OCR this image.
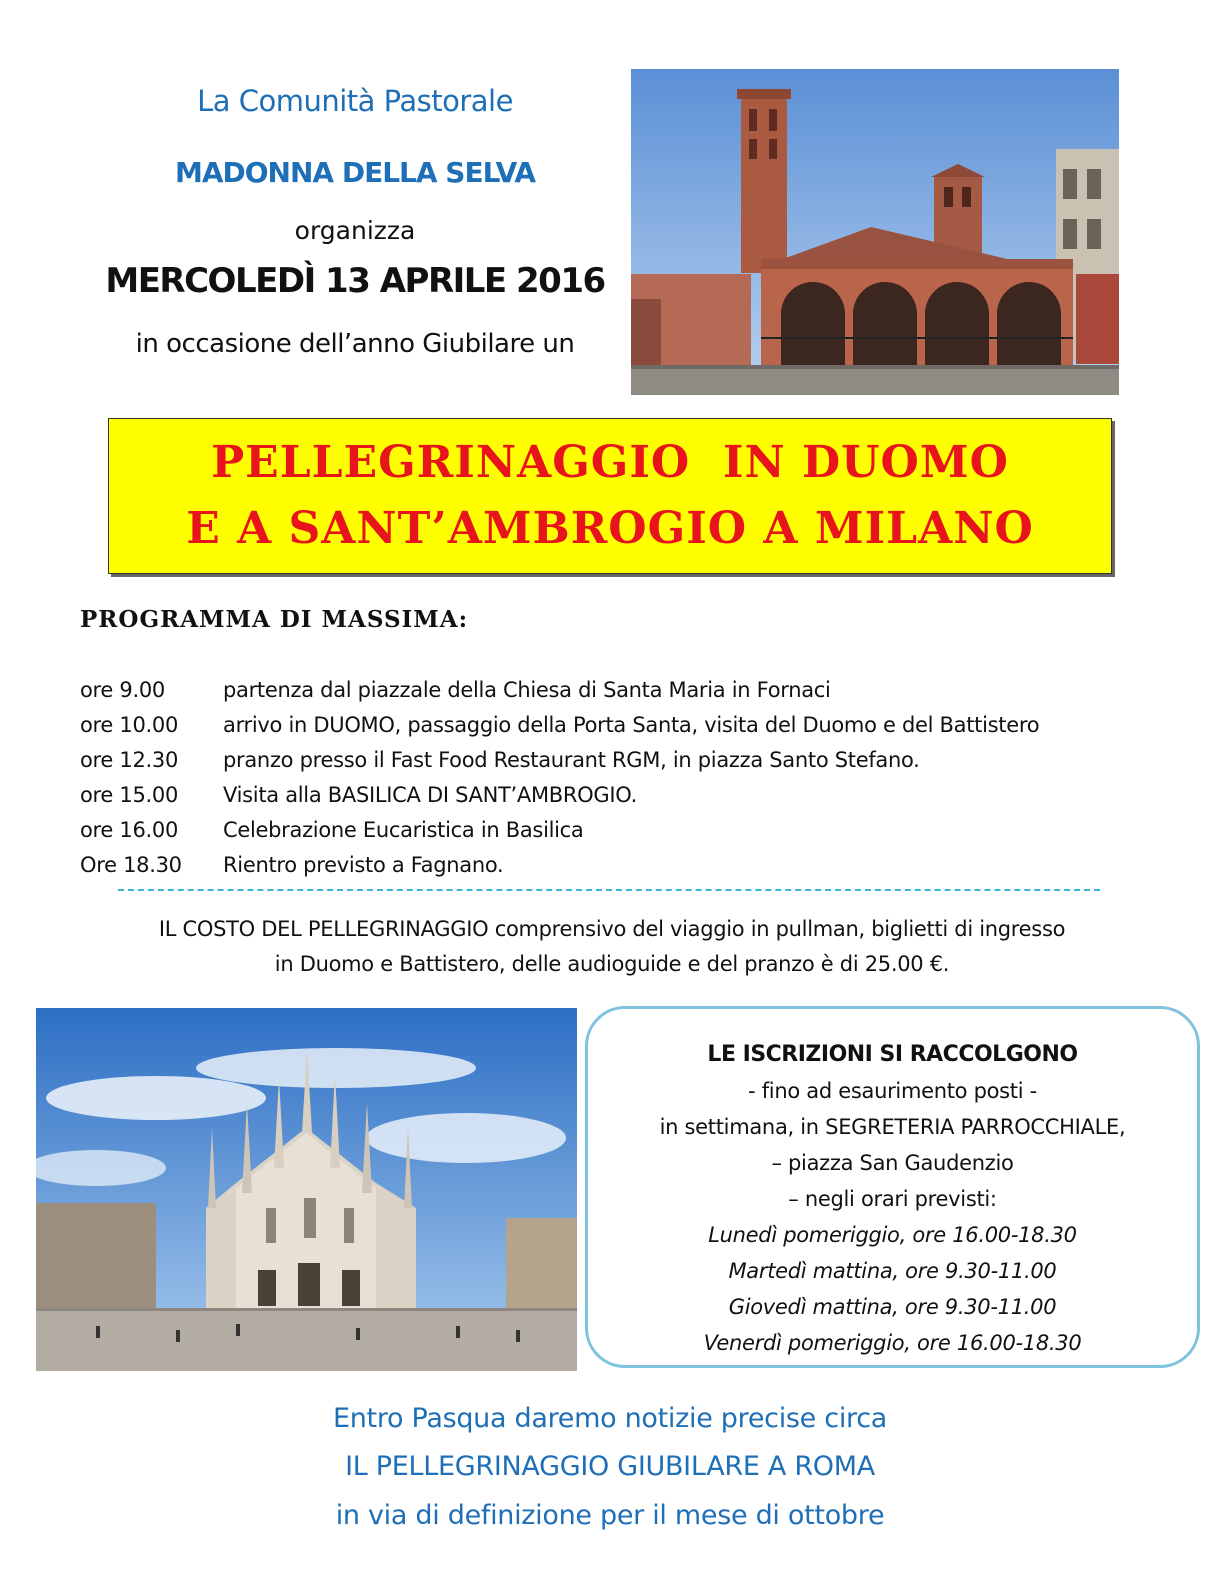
La Comunità Pastorale
MADONNA DELLA SELVA
organizza
MERCOLEDÌ 13 APRILE 2016
in occasione dell’anno Giubilare un
PELLEGRINAGGIO  IN DUOMO
E A SANT’AMBROGIO A MILANO
PROGRAMMA DI MASSIMA:
ore 9.00	partenza dal piazzale della Chiesa di Santa Maria in Fornaci
ore 10.00	arrivo in DUOMO, passaggio della Porta Santa, visita del Duomo e del Battistero
ore 12.30	pranzo presso il Fast Food Restaurant RGM, in piazza Santo Stefano.
ore 15.00	Visita alla BASILICA DI SANT’AMBROGIO.
ore 16.00	Celebrazione Eucaristica in Basilica
Ore 18.30	Rientro previsto a Fagnano.
IL COSTO DEL PELLEGRINAGGIO comprensivo del viaggio in pullman, biglietti di ingresso
in Duomo e Battistero, delle audioguide e del pranzo è di 25.00 €.
LE ISCRIZIONI SI RACCOLGONO
- fino ad esaurimento posti -
in settimana, in SEGRETERIA PARROCCHIALE,
– piazza San Gaudenzio
– negli orari previsti:
Lunedì pomeriggio, ore 16.00-18.30
Martedì mattina, ore 9.30-11.00
Giovedì mattina, ore 9.30-11.00
Venerdì pomeriggio, ore 16.00-18.30
Entro Pasqua daremo notizie precise circa
IL PELLEGRINAGGIO GIUBILARE A ROMA
in via di definizione per il mese di ottobre
